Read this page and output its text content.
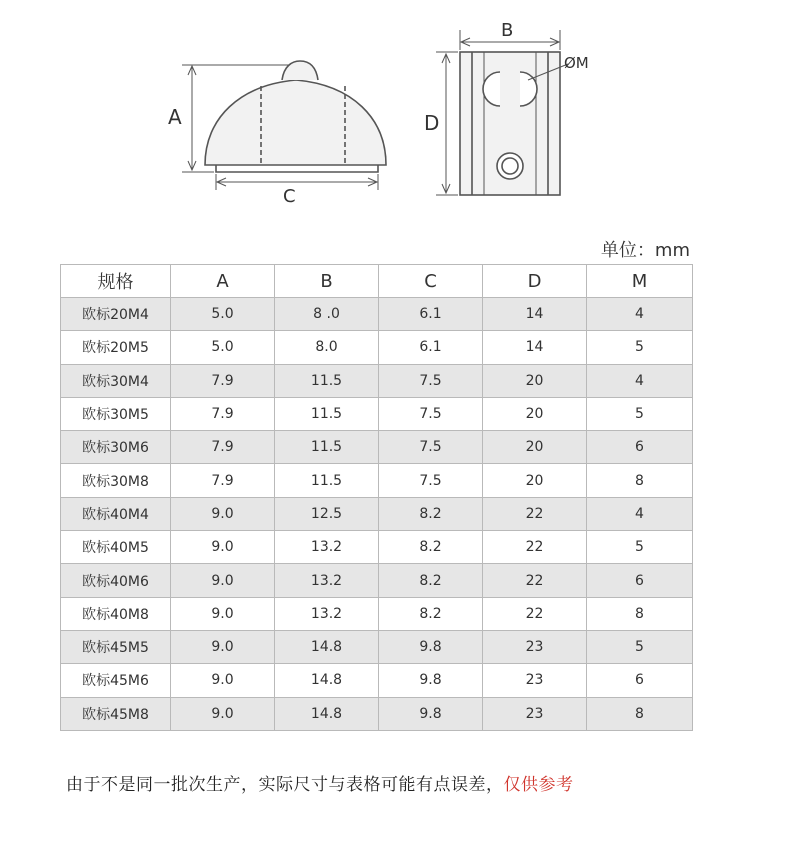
A
C
B
D
ØM
单位：mm
规格	A	B	C	D	M
欧标20M4	5.0	8 .0	6.1	14	4
欧标20M5	5.0	8.0	6.1	14	5
欧标30M4	7.9	11.5	7.5	20	4
欧标30M5	7.9	11.5	7.5	20	5
欧标30M6	7.9	11.5	7.5	20	6
欧标30M8	7.9	11.5	7.5	20	8
欧标40M4	9.0	12.5	8.2	22	4
欧标40M5	9.0	13.2	8.2	22	5
欧标40M6	9.0	13.2	8.2	22	6
欧标40M8	9.0	13.2	8.2	22	8
欧标45M5	9.0	14.8	9.8	23	5
欧标45M6	9.0	14.8	9.8	23	6
欧标45M8	9.0	14.8	9.8	23	8
由于不是同一批次生产，实际尺寸与表格可能有点误差，仅供参考
